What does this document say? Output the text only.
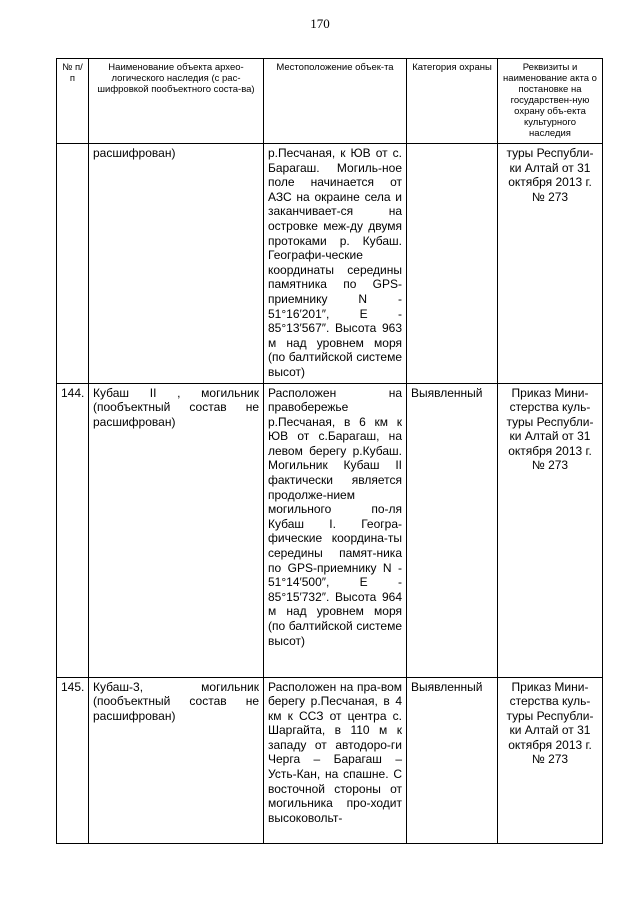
170
№ п/п	Наименование объекта архео-логического наследия (с рас-шифровкой пообъектного соста-ва)	Местоположение объек-та	Категория охраны	Реквизиты и наименование акта о постановке на государствен-ную охрану объ-екта культурного наследия
	расшифрован)	р.Песчаная, к ЮВ от с. Барагаш. Могиль-ное поле начинается от АЗС на окраине села и заканчивает-ся на островке меж-ду двумя протоками р. Кубаш. Географи-ческие координаты середины памятника по GPS-приемнику N - 51°16′201″, E - 85°13′567″. Высота 963 м над уровнем моря (по балтийской системе высот)		туры Республи-ки Алтай от 31 октября 2013 г. № 273
144.	Кубаш II , могильник (пообъектный состав не расшифрован)	Расположен на правобережье р.Песчаная, в 6 км к ЮВ от с.Барагаш, на левом берегу р.Кубаш. Могильник Кубаш II фактически является продолже-нием могильного по-ля Кубаш I. Геогра-фические координа-ты середины памят-ника по GPS-приемнику N - 51°14′500″, E - 85°15′732″. Высота 964 м над уровнем моря (по балтийской системе высот)	Выявленный	Приказ Мини-стерства куль-туры Республи-ки Алтай от 31 октября 2013 г. № 273
145.	Кубаш-3, могильник (пообъектный состав не расшифрован)	Расположен на пра-вом берегу р.Песчаная, в 4 км к ССЗ от центра с. Шаргайта, в 110 м к западу от автодоро-ги Черга – Барагаш – Усть-Кан, на спашне. С восточной стороны от могильника про-ходит высоковольт-	Выявленный	Приказ Мини-стерства куль-туры Республи-ки Алтай от 31 октября 2013 г. № 273
